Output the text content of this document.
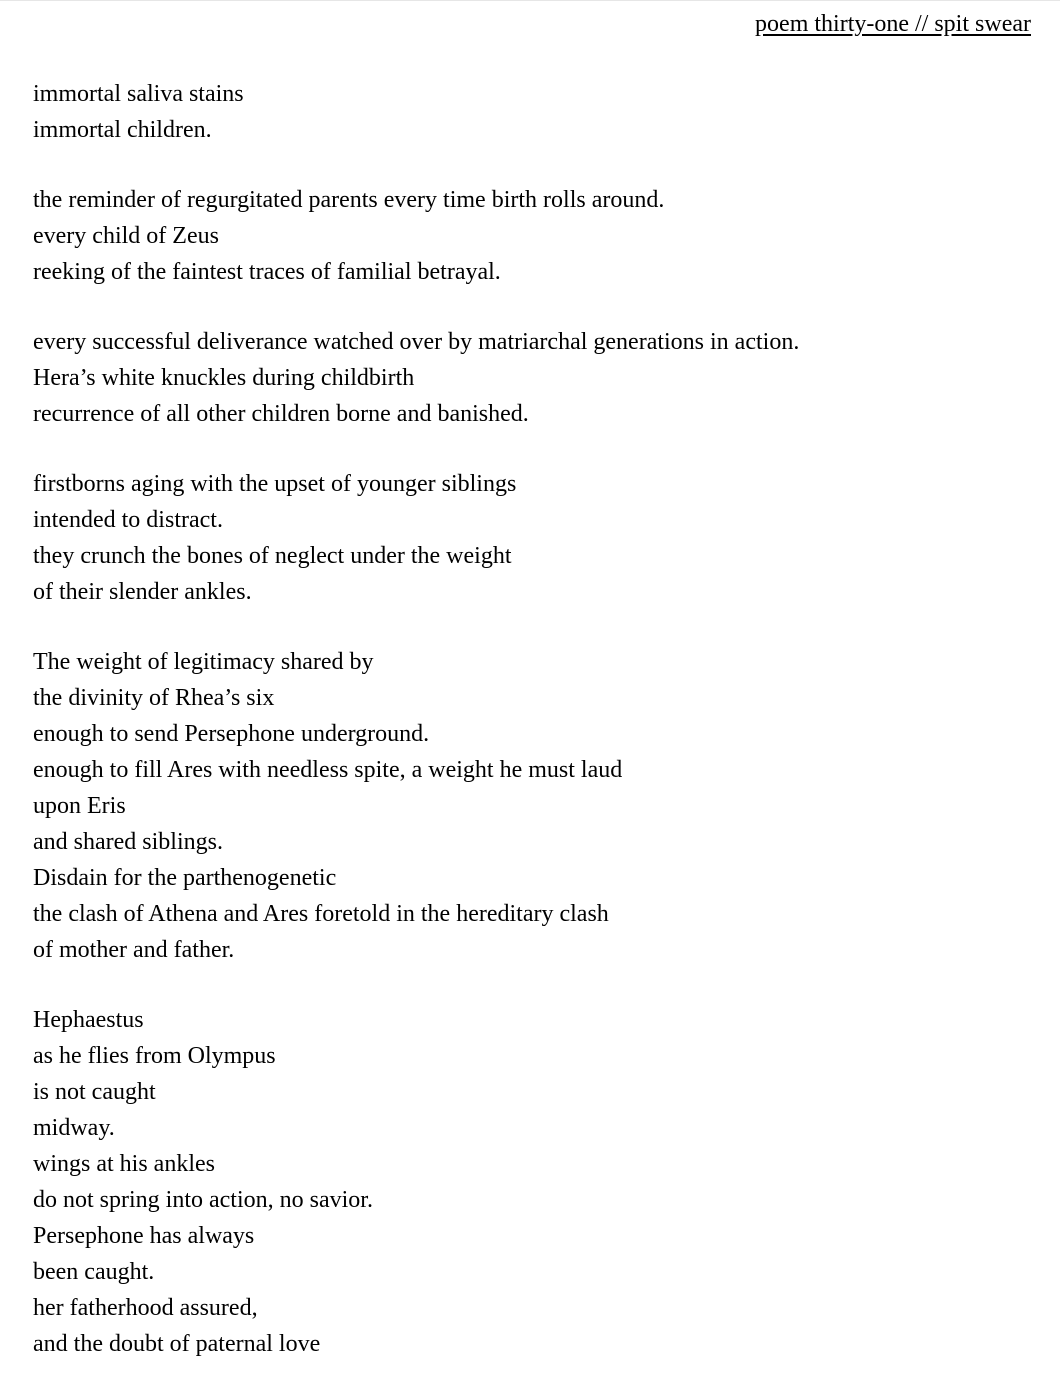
poem thirty-one // spit swear
immortal saliva stains
immortal children.
the reminder of regurgitated parents every time birth rolls around.
every child of Zeus
reeking of the faintest traces of familial betrayal.
every successful deliverance watched over by matriarchal generations in action.
Hera’s white knuckles during childbirth
recurrence of all other children borne and banished.
firstborns aging with the upset of younger siblings
intended to distract.
they crunch the bones of neglect under the weight
of their slender ankles.
The weight of legitimacy shared by
the divinity of Rhea’s six
enough to send Persephone underground.
enough to fill Ares with needless spite, a weight he must laud
upon Eris
and shared siblings.
Disdain for the parthenogenetic
the clash of Athena and Ares foretold in the hereditary clash
of mother and father.
Hephaestus
as he flies from Olympus
is not caught
midway.
wings at his ankles
do not spring into action, no savior.
Persephone has always
been caught.
her fatherhood assured,
and the doubt of paternal love
